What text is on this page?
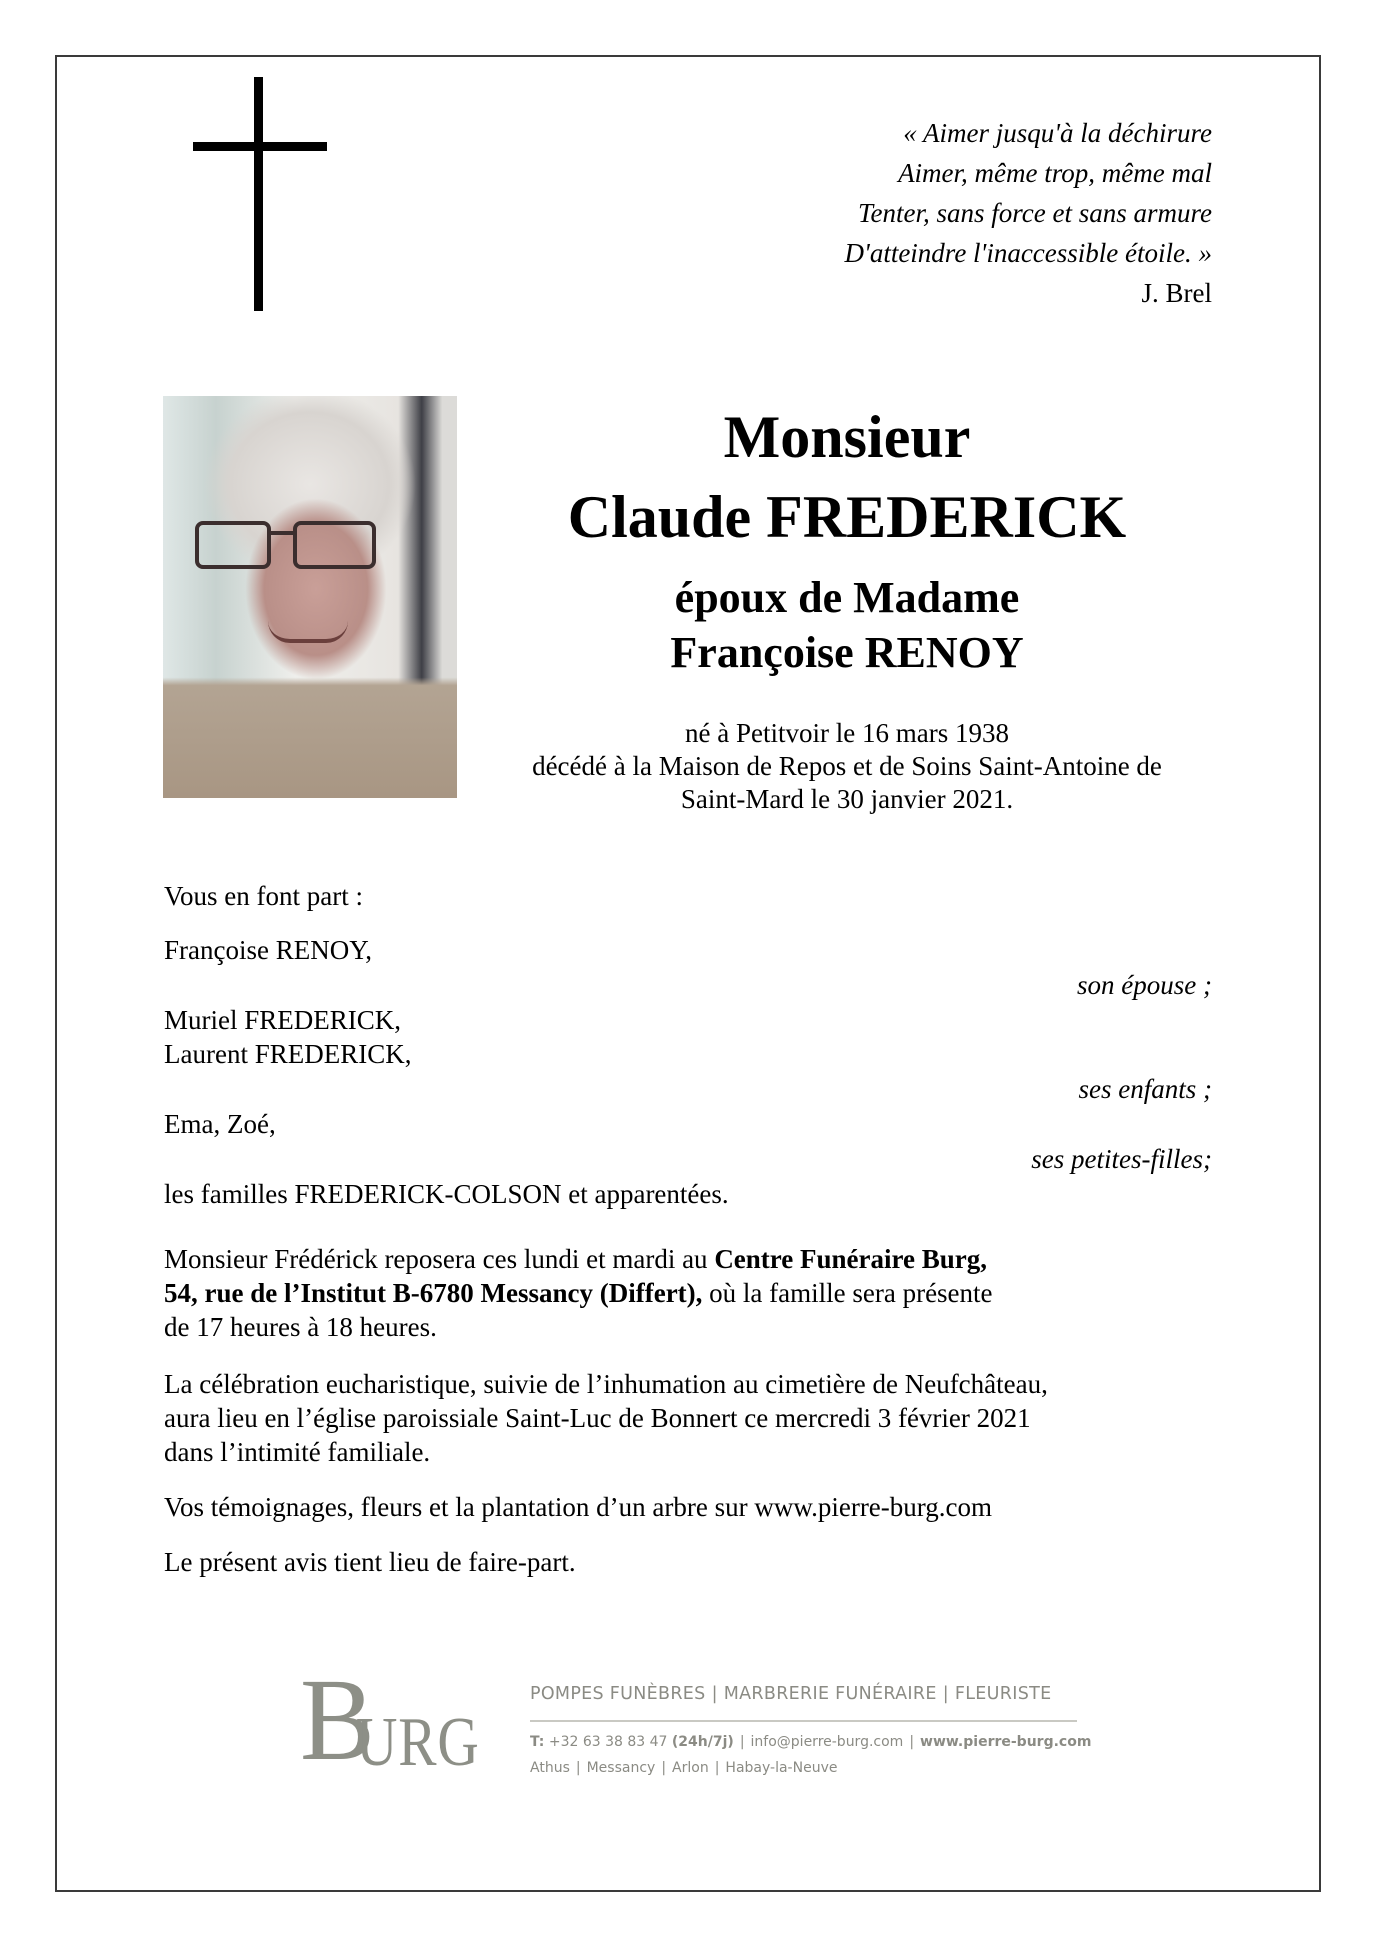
« Aimer jusqu'à la déchirure
Aimer, même trop, même mal
Tenter, sans force et sans armure
D'atteindre l'inaccessible étoile. »
J. Brel
Monsieur
Claude FREDERICK
époux de Madame
Françoise RENOY
né à Petitvoir le 16 mars 1938
décédé à la Maison de Repos et de Soins Saint-Antoine de
Saint-Mard le 30 janvier 2021.
Vous en font part :
Françoise RENOY,
son épouse ;
Muriel FREDERICK,
Laurent FREDERICK,
ses enfants ;
Ema, Zoé,
ses petites-filles;
les familles FREDERICK-COLSON et apparentées.
Monsieur Frédérick reposera ces lundi et mardi au Centre Funéraire Burg,
54, rue de l’Institut B-6780 Messancy (Differt), où la famille sera présente
de 17 heures à 18 heures.
La célébration eucharistique, suivie de l’inhumation au cimetière de Neufchâteau,
aura lieu en l’église paroissiale Saint-Luc de Bonnert ce mercredi 3 février 2021
dans l’intimité familiale.
Vos témoignages, fleurs et la plantation d’un arbre sur www.pierre-burg.com
Le présent avis tient lieu de faire-part.
B
URG
POMPES FUNÈBRES | MARBRERIE FUNÉRAIRE | FLEURISTE
T: +32 63 38 83 47 (24h/7j) | info@pierre-burg.com | www.pierre-burg.com
Athus | Messancy | Arlon | Habay-la-Neuve
